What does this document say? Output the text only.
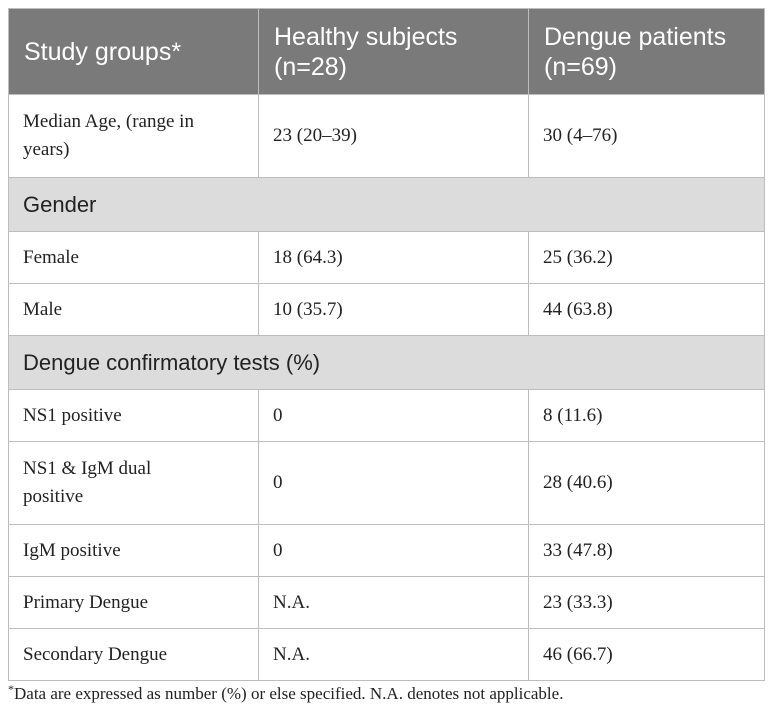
Study groups*	Healthy subjects (n=28)	Dengue patients (n=69)
Median Age, (range in years)	23 (20–39)	30 (4–76)
Gender		
Female	18 (64.3)	25 (36.2)
Male	10 (35.7)	44 (63.8)
Dengue confirmatory tests (%)		
NS1 positive	0	8 (11.6)
NS1 & IgM dual positive	0	28 (40.6)
IgM positive	0	33 (47.8)
Primary Dengue	N.A.	23 (33.3)
Secondary Dengue	N.A.	46 (66.7)
*Data are expressed as number (%) or else specified. N.A. denotes not applicable.
